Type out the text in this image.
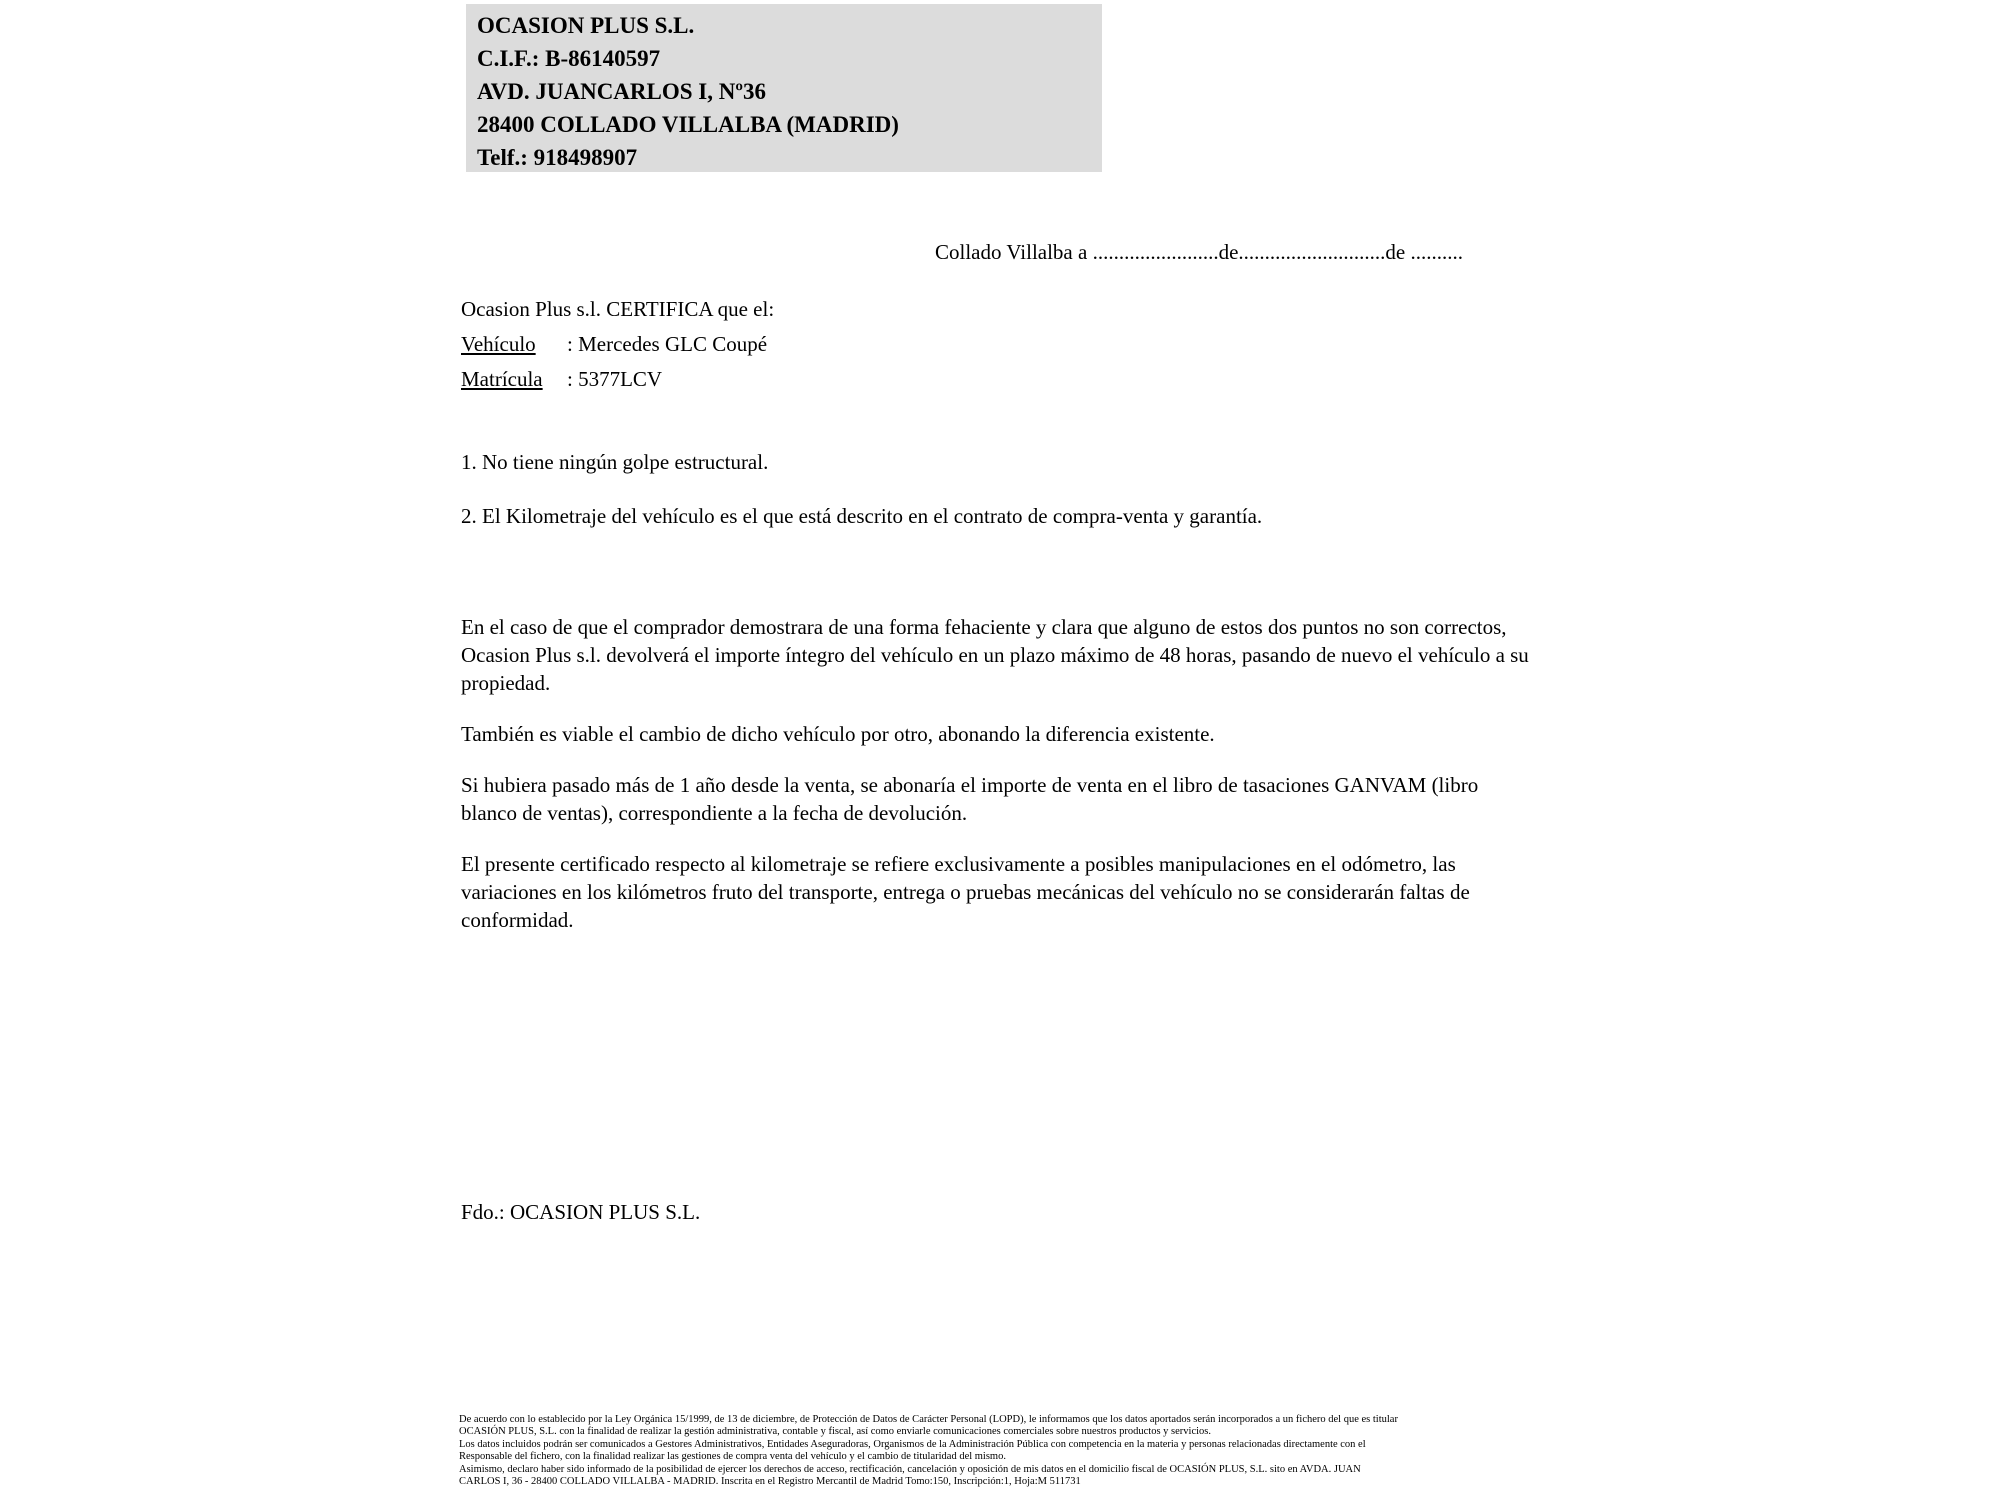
OCASION PLUS S.L.
C.I.F.: B-86140597
AVD. JUANCARLOS I, Nº36
28400 COLLADO VILLALBA (MADRID)
Telf.: 918498907
Collado Villalba a ........................de............................de ..........
Ocasion Plus s.l. CERTIFICA que el:
Vehículo : Mercedes GLC Coupé
Matrícula : 5377LCV
1. No tiene ningún golpe estructural.
2. El Kilometraje del vehículo es el que está descrito en el contrato de compra-venta y garantía.
En el caso de que el comprador demostrara de una forma fehaciente y clara que alguno de estos dos puntos no son correctos, Ocasion Plus s.l. devolverá el importe íntegro del vehículo en un plazo máximo de 48 horas, pasando de nuevo el vehículo a su propiedad.
También es viable el cambio de dicho vehículo por otro, abonando la diferencia existente.
Si hubiera pasado más de 1 año desde la venta, se abonaría el importe de venta en el libro de tasaciones GANVAM (libro blanco de ventas), correspondiente a la fecha de devolución.
El presente certificado respecto al kilometraje se refiere exclusivamente a posibles manipulaciones en el odómetro, las variaciones en los kilómetros fruto del transporte, entrega o pruebas mecánicas del vehículo no se considerarán faltas de conformidad.
Fdo.: OCASION PLUS S.L.
De acuerdo con lo establecido por la Ley Orgánica 15/1999, de 13 de diciembre, de Protección de Datos de Carácter Personal (LOPD), le informamos que los datos aportados serán incorporados a un fichero del que es titular
OCASIÓN PLUS, S.L. con la finalidad de realizar la gestión administrativa, contable y fiscal, así como enviarle comunicaciones comerciales sobre nuestros productos y servicios.
Los datos incluidos podrán ser comunicados a Gestores Administrativos, Entidades Aseguradoras, Organismos de la Administración Pública con competencia en la materia y personas relacionadas directamente con el
Responsable del fichero, con la finalidad realizar las gestiones de compra venta del vehículo y el cambio de titularidad del mismo.
Asimismo, declaro haber sido informado de la posibilidad de ejercer los derechos de acceso, rectificación, cancelación y oposición de mis datos en el domicilio fiscal de OCASIÓN PLUS, S.L. sito en AVDA. JUAN
CARLOS I, 36 - 28400 COLLADO VILLALBA - MADRID. Inscrita en el Registro Mercantil de Madrid Tomo:150, Inscripción:1, Hoja:M 511731
